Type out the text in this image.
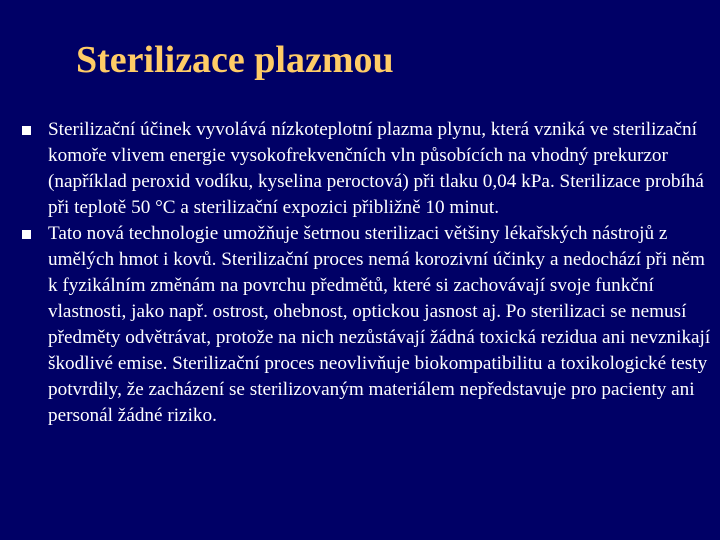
Sterilizace plazmou
Sterilizační účinek vyvolává nízkoteplotní plazma plynu, která vzniká ve sterilizační komoře vlivem energie vysokofrekvenčních vln působících na vhodný prekurzor (například peroxid vodíku, kyselina peroctová) při tlaku 0,04 kPa. Sterilizace probíhá při teplotě 50 °C a sterilizační expozici přibližně 10 minut.
Tato nová technologie umožňuje šetrnou sterilizaci většiny lékařských nástrojů z umělých hmot i kovů. Sterilizační proces nemá korozivní účinky a nedochází při něm k fyzikálním změnám na povrchu předmětů, které si zachovávají svoje funkční vlastnosti, jako např. ostrost, ohebnost, optickou jasnost aj. Po sterilizaci se nemusí předměty odvětrávat, protože na nich nezůstávají žádná toxická rezidua ani nevznikají škodlivé emise. Sterilizační proces neovlivňuje biokompatibilitu a toxikologické testy potvrdily, že zacházení se sterilizovaným materiálem nepředstavuje pro pacienty ani personál žádné riziko.
